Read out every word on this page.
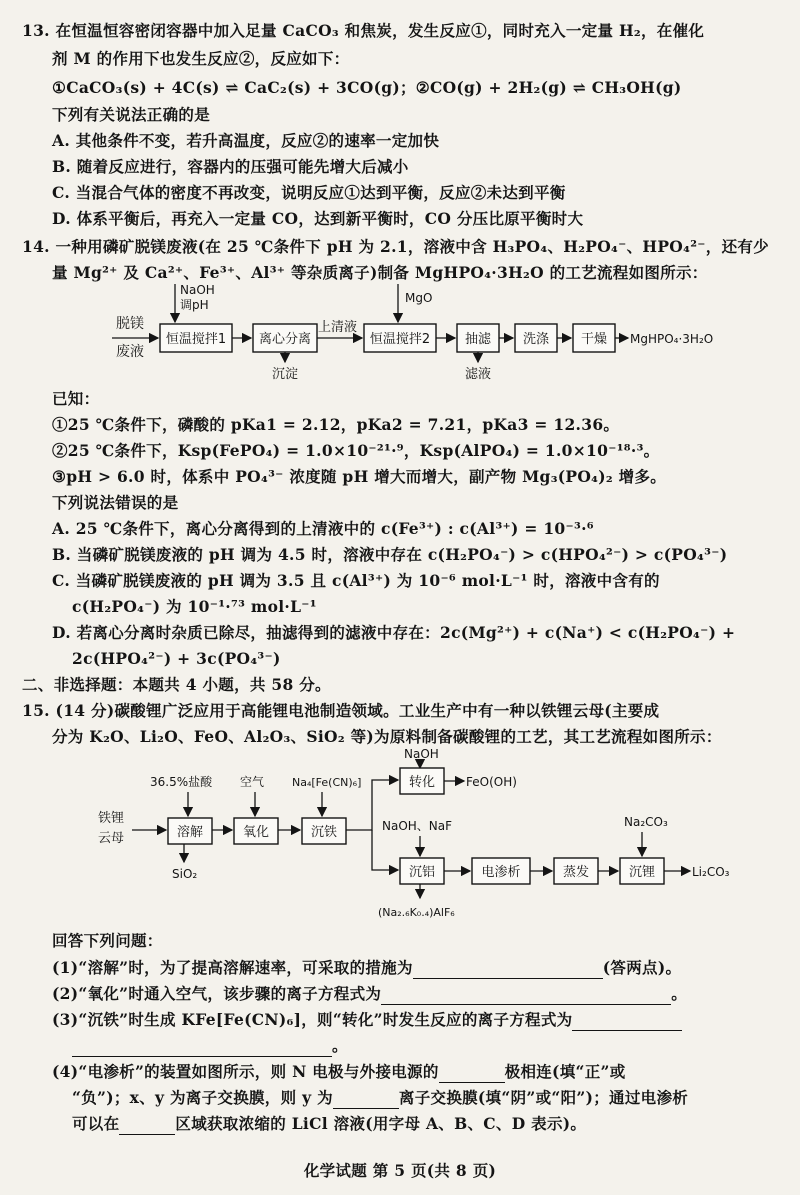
13. 在恒温恒容密闭容器中加入足量 CaCO₃ 和焦炭，发生反应①，同时充入一定量 H₂，在催化
剂 M 的作用下也发生反应②，反应如下：
①CaCO₃(s) + 4C(s) ⇌ CaC₂(s) + 3CO(g)；②CO(g) + 2H₂(g) ⇌ CH₃OH(g)
下列有关说法正确的是
A. 其他条件不变，若升高温度，反应②的速率一定加快
B. 随着反应进行，容器内的压强可能先增大后减小
C. 当混合气体的密度不再改变，说明反应①达到平衡，反应②未达到平衡
D. 体系平衡后，再充入一定量 CO，达到新平衡时，CO 分压比原平衡时大
14. 一种用磷矿脱镁废液(在 25 ℃条件下 pH 为 2.1，溶液中含 H₃PO₄、H₂PO₄⁻、HPO₄²⁻，还有少
量 Mg²⁺ 及 Ca²⁺、Fe³⁺、Al³⁺ 等杂质离子)制备 MgHPO₄·3H₂O 的工艺流程如图所示：
脱镁
废液
NaOH
调pH
恒温搅拌1	离心分离
沉淀
上清液
MgO
恒温搅拌2	抽滤
滤液
洗涤 干燥 MgHPO₄·3H₂O
已知：
①25 ℃条件下，磷酸的 pKa1 = 2.12，pKa2 = 7.21，pKa3 = 12.36。
②25 ℃条件下，Ksp(FePO₄) = 1.0×10⁻²¹·⁹，Ksp(AlPO₄) = 1.0×10⁻¹⁸·³。
③pH > 6.0 时，体系中 PO₄³⁻ 浓度随 pH 增大而增大，副产物 Mg₃(PO₄)₂ 增多。
下列说法错误的是
A. 25 ℃条件下，离心分离得到的上清液中的 c(Fe³⁺) : c(Al³⁺) = 10⁻³·⁶
B. 当磷矿脱镁废液的 pH 调为 4.5 时，溶液中存在 c(H₂PO₄⁻) > c(HPO₄²⁻) > c(PO₄³⁻)
C. 当磷矿脱镁废液的 pH 调为 3.5 且 c(Al³⁺) 为 10⁻⁶ mol·L⁻¹ 时，溶液中含有的
c(H₂PO₄⁻) 为 10⁻¹·⁷³ mol·L⁻¹
D. 若离心分离时杂质已除尽，抽滤得到的滤液中存在：2c(Mg²⁺) + c(Na⁺) < c(H₂PO₄⁻) +
2c(HPO₄²⁻) + 3c(PO₄³⁻)
二、非选择题：本题共 4 小题，共 58 分。
15. (14 分)碳酸锂广泛应用于高能锂电池制造领域。工业生产中有一种以铁锂云母(主要成
分为 K₂O、Li₂O、FeO、Al₂O₃、SiO₂ 等)为原料制备碳酸锂的工艺，其工艺流程如图所示：
铁锂
云母
36.5%盐酸
溶解
SiO₂
空气
氧化
Na₄[Fe(CN)₆]
沉铁
NaOH
转化	FeO(OH)
NaOH、NaF
沉铝
(Na₂.₆K₀.₄)AlF₆
电渗析	蒸发
Na₂CO₃
沉锂	Li₂CO₃
回答下列问题：
(1)“溶解”时，为了提高溶解速率，可采取的措施为	(答两点)。
(2)“氧化”时通入空气，该步骤的离子方程式为	。
(3)“沉铁”时生成 KFe[Fe(CN)₆]，则“转化”时发生反应的离子方程式为
。
(4)“电渗析”的装置如图所示，则 N 电极与外接电源的	极相连(填“正”或
“负”)；x、y 为离子交换膜，则 y 为	离子交换膜(填“阴”或“阳”)；通过电渗析
可以在	区域获取浓缩的 LiCl 溶液(用字母 A、B、C、D 表示)。
化学试题 第 5 页(共 8 页)
